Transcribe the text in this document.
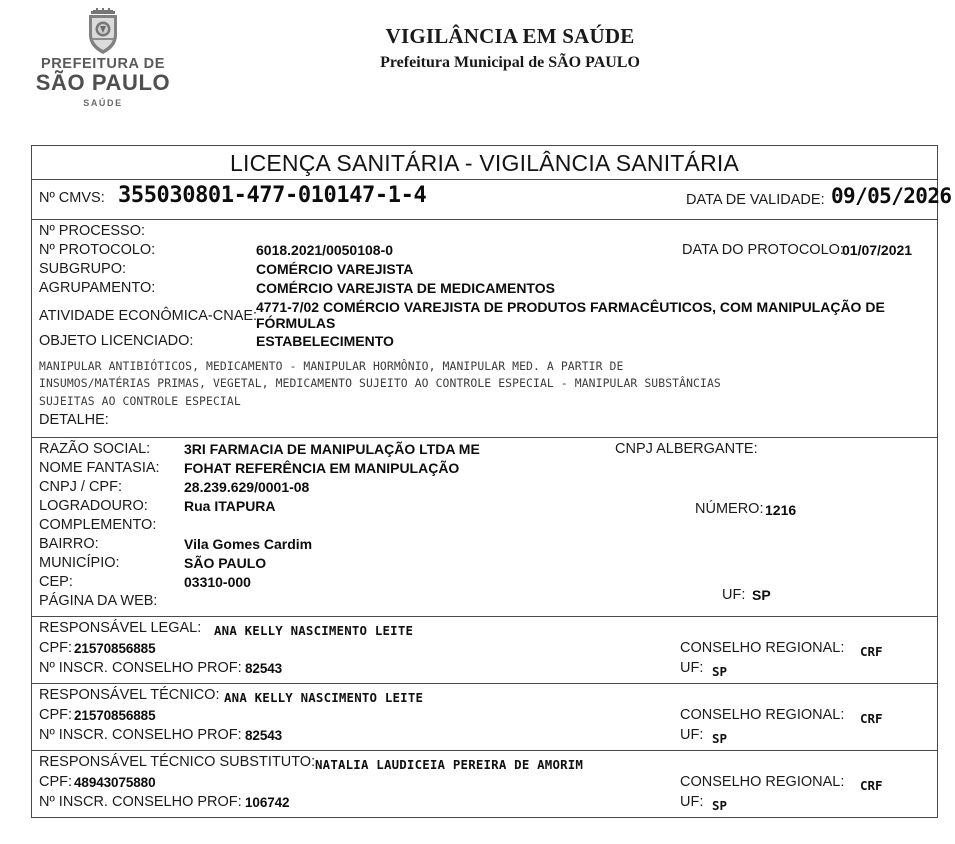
PREFEITURA DE
SÃO PAULO
SAÚDE
VIGILÂNCIA EM SAÚDE
Prefeitura Municipal de SÃO PAULO
LICENÇA SANITÁRIA - VIGILÂNCIA SANITÁRIA
Nº CMVS: 355030801-477-010147-1-4	DATA DE VALIDADE: 09/05/2026
Nº PROCESSO:
Nº PROTOCOLO:	6018.2021/0050108-0	DATA DO PROTOCOLO:
01/07/2021
SUBGRUPO:	COMÉRCIO VAREJISTA
AGRUPAMENTO:	COMÉRCIO VAREJISTA DE MEDICAMENTOS
ATIVIDADE ECONÔMICA-CNAE:
4771-7/02 COMÉRCIO VAREJISTA DE PRODUTOS FARMACÊUTICOS, COM MANIPULAÇÃO DE FÓRMULAS
OBJETO LICENCIADO:	ESTABELECIMENTO
MANIPULAR ANTIBIÓTICOS, MEDICAMENTO - MANIPULAR HORMÔNIO, MANIPULAR MED. A PARTIR DE
INSUMOS/MATÉRIAS PRIMAS, VEGETAL, MEDICAMENTO SUJEITO AO CONTROLE ESPECIAL - MANIPULAR SUBSTÂNCIAS
SUJEITAS AO CONTROLE ESPECIAL
DETALHE:
RAZÃO SOCIAL: 3RI FARMACIA DE MANIPULAÇÃO LTDA ME	CNPJ ALBERGANTE:
NOME FANTASIA: FOHAT REFERÊNCIA EM MANIPULAÇÃO
CNPJ / CPF:	28.239.629/0001-08
LOGRADOURO:	Rua ITAPURA	NÚMERO: 1216
COMPLEMENTO:
BAIRRO:	Vila Gomes Cardim
MUNICÍPIO:	SÃO PAULO
CEP:	03310-000
UF: SP
PÁGINA DA WEB:
RESPONSÁVEL LEGAL: ANA KELLY NASCIMENTO LEITE
CPF: 21570856885	CONSELHO REGIONAL: CRF
Nº INSCR. CONSELHO PROF: 82543	UF: SP
RESPONSÁVEL TÉCNICO: ANA KELLY NASCIMENTO LEITE
CPF: 21570856885	CONSELHO REGIONAL: CRF
Nº INSCR. CONSELHO PROF: 82543	UF: SP
RESPONSÁVEL TÉCNICO SUBSTITUTO: NATALIA LAUDICEIA PEREIRA DE AMORIM
CPF: 48943075880	CONSELHO REGIONAL: CRF
Nº INSCR. CONSELHO PROF: 106742	UF: SP
